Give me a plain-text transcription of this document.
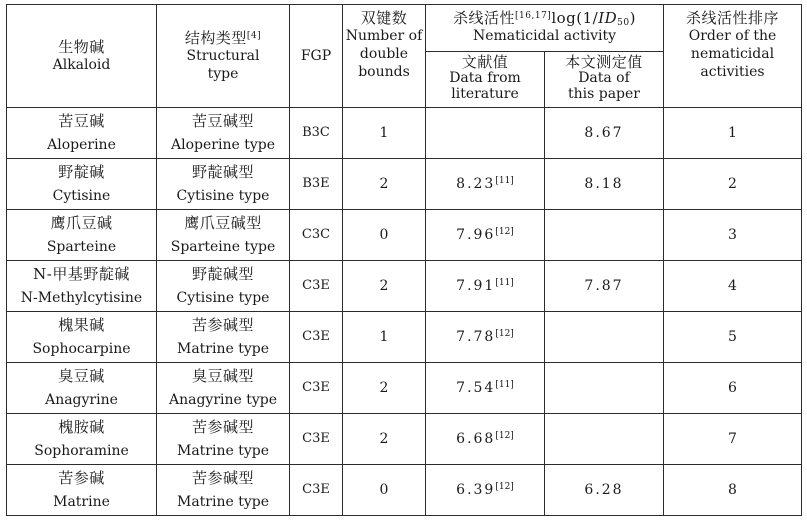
生物碱
Alkaloid	结构类型[4]
Structural
type	FGP	双键数
Number of
double
bounds	杀线活性$[16,17]\log(1/ID_{50})$
Nematicidal activity		杀线活性排序
Order of the
nematicidal
activities

				文献值
Data from
literature	本文测定值
Data of
this paper	

苦豆碱
Aloperine	苦豆碱型
Aloperine type	B3C	1		8.67	1

野靛碱
Cytisine	野靛碱型
Cytisine type	B3E	2	8.23[11]	8.18	2

鹰爪豆碱
Sparteine	鹰爪豆碱型
Sparteine type	C3C	0	7.96[12]		3

N-甲基野靛碱
N-Methylcytisine	野靛碱型
Cytisine type	C3E	2	7.91[11]	7.87	4

槐果碱
Sophocarpine	苦参碱型
Matrine type	C3E	1	7.78[12]		5

臭豆碱
Anagyrine	臭豆碱型
Anagyrine type	C3E	2	7.54[11]		6

槐胺碱
Sophoramine	苦参碱型
Matrine type	C3E	2	6.68[12]		7

苦参碱
Matrine	苦参碱型
Matrine type	C3E	0	6.39[12]	6.28	8
